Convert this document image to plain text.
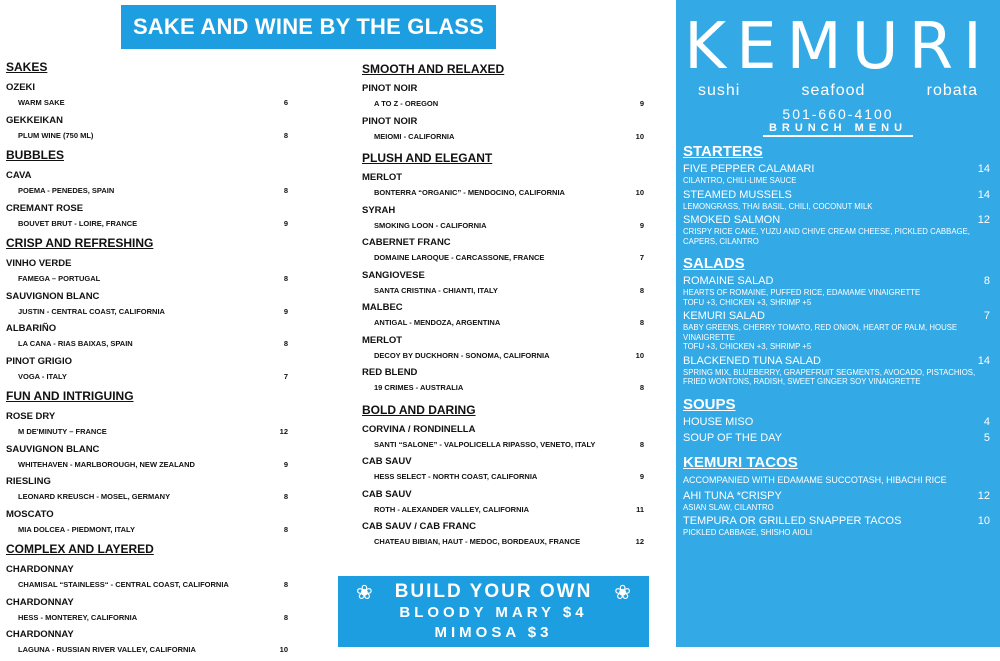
SAKE AND WINE BY THE GLASS
SAKES
OZEKI
WARM SAKE	6
GEKKEIKAN
PLUM WINE (750 ML)	8
BUBBLES
CAVA
POEMA - PENEDES, SPAIN	8
CREMANT ROSE
BOUVET BRUT - LOIRE, FRANCE	9
CRISP AND REFRESHING
VINHO VERDE
FAMEGA – PORTUGAL	8
SAUVIGNON BLANC
JUSTIN - CENTRAL COAST, CALIFORNIA	9
ALBARIÑO
LA CANA - RIAS BAIXAS, SPAIN	8
PINOT GRIGIO
VOGA - ITALY	7
FUN AND INTRIGUING
ROSE DRY
M DE'MINUTY – FRANCE	12
SAUVIGNON BLANC
WHITEHAVEN - MARLBOROUGH, NEW ZEALAND	9
RIESLING
LEONARD KREUSCH - MOSEL, GERMANY	8
MOSCATO
MIA DOLCEA - PIEDMONT, ITALY	8
COMPLEX AND LAYERED
CHARDONNAY
CHAMISAL “STAINLESS“ - CENTRAL COAST, CALIFORNIA	8
CHARDONNAY
HESS - MONTEREY, CALIFORNIA	8
CHARDONNAY
LAGUNA - RUSSIAN RIVER VALLEY, CALIFORNIA	10
SMOOTH AND RELAXED
PINOT NOIR
A TO Z - OREGON	9
PINOT NOIR
MEIOMI - CALIFORNIA	10
PLUSH AND ELEGANT
MERLOT
BONTERRA “ORGANIC” - MENDOCINO, CALIFORNIA	10
SYRAH
SMOKING LOON - CALIFORNIA	9
CABERNET FRANC
DOMAINE LAROQUE - CARCASSONE, FRANCE	7
SANGIOVESE
SANTA CRISTINA - CHIANTI, ITALY	8
MALBEC
ANTIGAL - MENDOZA, ARGENTINA	8
MERLOT
DECOY BY DUCKHORN - SONOMA, CALIFORNIA	10
RED BLEND
19 CRIMES - AUSTRALIA	8
BOLD AND DARING
CORVINA / RONDINELLA
SANTI “SALONE” - VALPOLICELLA RIPASSO, VENETO, ITALY	8
CAB SAUV
HESS SELECT - NORTH COAST, CALIFORNIA	9
CAB SAUV
ROTH - ALEXANDER VALLEY, CALIFORNIA	11
CAB SAUV / CAB FRANC
CHATEAU BIBIAN, HAUT - MEDOC, BORDEAUX, FRANCE	12
❀	❀
BUILD YOUR OWN
BLOODY MARY $4
MIMOSA $3
KEMURI
sushi	seafood	robata
501-660-4100
BRUNCH MENU
STARTERS
FIVE PEPPER CALAMARI	14
CILANTRO, CHILI-LIME SAUCE
STEAMED MUSSELS	14
LEMONGRASS, THAI BASIL, CHILI, COCONUT MILK
SMOKED SALMON	12
CRISPY RICE CAKE, YUZU AND CHIVE CREAM CHEESE, PICKLED CABBAGE, CAPERS, CILANTRO
SALADS
ROMAINE SALAD	8
HEARTS OF ROMAINE, PUFFED RICE, EDAMAME VINAIGRETTE
TOFU +3, CHICKEN +3, SHRIMP +5
KEMURI SALAD	7
BABY GREENS, CHERRY TOMATO, RED ONION, HEART OF PALM, HOUSE VINAIGRETTE
TOFU +3, CHICKEN +3, SHRIMP +5
BLACKENED TUNA SALAD	14
SPRING MIX, BLUEBERRY, GRAPEFRUIT SEGMENTS, AVOCADO, PISTACHIOS, FRIED WONTONS, RADISH, SWEET GINGER SOY VINAIGRETTE
SOUPS
HOUSE MISO	4
SOUP OF THE DAY	5
KEMURI TACOS
ACCOMPANIED WITH EDAMAME SUCCOTASH, HIBACHI RICE
AHI TUNA *CRISPY	12
ASIAN SLAW, CILANTRO
TEMPURA OR GRILLED SNAPPER TACOS	10
PICKLED CABBAGE, SHISHO AIOLI
